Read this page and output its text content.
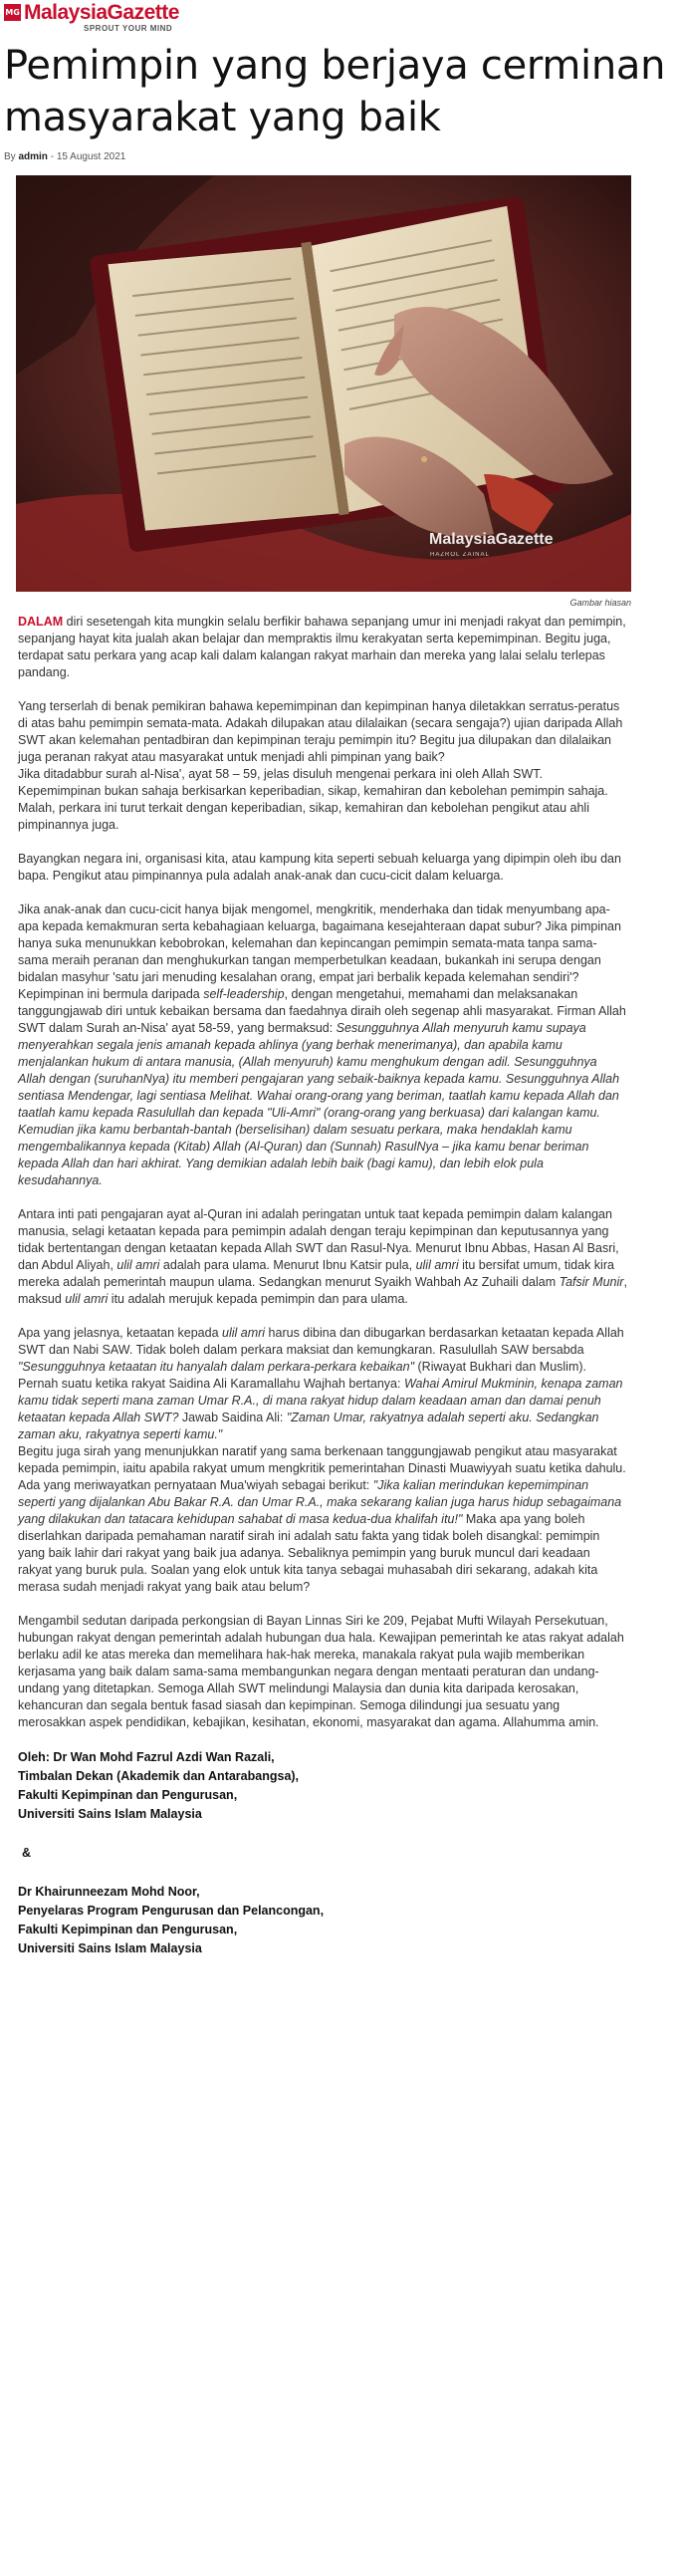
MG MalaysiaGazette
SPROUT YOUR MIND
Pemimpin yang berjaya cerminan masyarakat yang baik
By admin - 15 August 2021
MalaysiaGazette
HAZROL ZAINAL
Gambar hiasan

DALAM diri sesetengah kita mungkin selalu berfikir bahawa sepanjang umur ini menjadi rakyat dan pemimpin, sepanjang hayat kita jualah akan belajar dan mempraktis ilmu kerakyatan serta kepemimpinan. Begitu juga, terdapat satu perkara yang acap kali dalam kalangan rakyat marhain dan mereka yang lalai selalu terlepas pandang.

Yang terserlah di benak pemikiran bahawa kepemimpinan dan kepimpinan hanya diletakkan serratus-peratus di atas bahu pemimpin semata-mata. Adakah dilupakan atau dilalaikan (secara sengaja?) ujian daripada Allah SWT akan kelemahan pentadbiran dan kepimpinan teraju pemimpin itu? Begitu jua dilupakan dan dilalaikan juga peranan rakyat atau masyarakat untuk menjadi ahli pimpinan yang baik?

Jika ditadabbur surah al-Nisa', ayat 58 – 59, jelas disuluh mengenai perkara ini oleh Allah SWT. Kepemimpinan bukan sahaja berkisarkan keperibadian, sikap, kemahiran dan kebolehan pemimpin sahaja. Malah, perkara ini turut terkait dengan keperibadian, sikap, kemahiran dan kebolehan pengikut atau ahli pimpinannya juga.

Bayangkan negara ini, organisasi kita, atau kampung kita seperti sebuah keluarga yang dipimpin oleh ibu dan bapa. Pengikut atau pimpinannya pula adalah anak-anak dan cucu-cicit dalam keluarga.

Jika anak-anak dan cucu-cicit hanya bijak mengomel, mengkritik, menderhaka dan tidak menyumbang apa-apa kepada kemakmuran serta kebahagiaan keluarga, bagaimana kesejahteraan dapat subur? Jika pimpinan hanya suka menunukkan kebobrokan, kelemahan dan kepincangan pemimpin semata-mata tanpa sama-sama meraih peranan dan menghukurkan tangan memperbetulkan keadaan, bukankah ini serupa dengan bidalan masyhur 'satu jari menuding kesalahan orang, empat jari berbalik kepada kelemahan sendiri'?

Kepimpinan ini bermula daripada self-leadership, dengan mengetahui, memahami dan melaksanakan tanggungjawab diri untuk kebaikan bersama dan faedahnya diraih oleh segenap ahli masyarakat. Firman Allah SWT dalam Surah an-Nisa' ayat 58-59, yang bermaksud: Sesungguhnya Allah menyuruh kamu supaya menyerahkan segala jenis amanah kepada ahlinya (yang berhak menerimanya), dan apabila kamu menjalankan hukum di antara manusia, (Allah menyuruh) kamu menghukum dengan adil. Sesungguhnya Allah dengan (suruhanNya) itu memberi pengajaran yang sebaik-baiknya kepada kamu. Sesungguhnya Allah sentiasa Mendengar, lagi sentiasa Melihat. Wahai orang-orang yang beriman, taatlah kamu kepada Allah dan taatlah kamu kepada Rasulullah dan kepada "Uli-Amri" (orang-orang yang berkuasa) dari kalangan kamu. Kemudian jika kamu berbantah-bantah (berselisihan) dalam sesuatu perkara, maka hendaklah kamu mengembalikannya kepada (Kitab) Allah (Al-Quran) dan (Sunnah) RasulNya – jika kamu benar beriman kepada Allah dan hari akhirat. Yang demikian adalah lebih baik (bagi kamu), dan lebih elok pula kesudahannya.

Antara inti pati pengajaran ayat al-Quran ini adalah peringatan untuk taat kepada pemimpin dalam kalangan manusia, selagi ketaatan kepada para pemimpin adalah dengan teraju kepimpinan dan keputusannya yang tidak bertentangan dengan ketaatan kepada Allah SWT dan Rasul-Nya. Menurut Ibnu Abbas, Hasan Al Basri, dan Abdul Aliyah, ulil amri adalah para ulama. Menurut Ibnu Katsir pula, ulil amri itu bersifat umum, tidak kira mereka adalah pemerintah maupun ulama. Sedangkan menurut Syaikh Wahbah Az Zuhaili dalam Tafsir Munir, maksud ulil amri itu adalah merujuk kepada pemimpin dan para ulama.

Apa yang jelasnya, ketaatan kepada ulil amri harus dibina dan dibugarkan berdasarkan ketaatan kepada Allah SWT dan Nabi SAW. Tidak boleh dalam perkara maksiat dan kemungkaran. Rasulullah SAW bersabda "Sesungguhnya ketaatan itu hanyalah dalam perkara-perkara kebaikan" (Riwayat Bukhari dan Muslim). Pernah suatu ketika rakyat Saidina Ali Karamallahu Wajhah bertanya: Wahai Amirul Mukminin, kenapa zaman kamu tidak seperti mana zaman Umar R.A., di mana rakyat hidup dalam keadaan aman dan damai penuh ketaatan kepada Allah SWT? Jawab Saidina Ali: "Zaman Umar, rakyatnya adalah seperti aku. Sedangkan zaman aku, rakyatnya seperti kamu."

Begitu juga sirah yang menunjukkan naratif yang sama berkenaan tanggungjawab pengikut atau masyarakat kepada pemimpin, iaitu apabila rakyat umum mengkritik pemerintahan Dinasti Muawiyyah suatu ketika dahulu. Ada yang meriwayatkan pernyataan Mua'wiyah sebagai berikut: "Jika kalian merindukan kepemimpinan seperti yang dijalankan Abu Bakar R.A. dan Umar R.A., maka sekarang kalian juga harus hidup sebagaimana yang dilakukan dan tatacara kehidupan sahabat di masa kedua-dua khalifah itu!" Maka apa yang boleh diserlahkan daripada pemahaman naratif sirah ini adalah satu fakta yang tidak boleh disangkal: pemimpin yang baik lahir dari rakyat yang baik jua adanya. Sebaliknya pemimpin yang buruk muncul dari keadaan rakyat yang buruk pula. Soalan yang elok untuk kita tanya sebagai muhasabah diri sekarang, adakah kita merasa sudah menjadi rakyat yang baik atau belum?

Mengambil sedutan daripada perkongsian di Bayan Linnas Siri ke 209, Pejabat Mufti Wilayah Persekutuan, hubungan rakyat dengan pemerintah adalah hubungan dua hala. Kewajipan pemerintah ke atas rakyat adalah berlaku adil ke atas mereka dan memelihara hak-hak mereka, manakala rakyat pula wajib memberikan kerjasama yang baik dalam sama-sama membangunkan negara dengan mentaati peraturan dan undang-undang yang ditetapkan. Semoga Allah SWT melindungi Malaysia dan dunia kita daripada kerosakan, kehancuran dan segala bentuk fasad siasah dan kepimpinan. Semoga dilindungi jua sesuatu yang merosakkan aspek pendidikan, kebajikan, kesihatan, ekonomi, masyarakat dan agama. Allahumma amin.

Oleh: Dr Wan Mohd Fazrul Azdi Wan Razali,
Timbalan Dekan (Akademik dan Antarabangsa),
Fakulti Kepimpinan dan Pengurusan,
Universiti Sains Islam Malaysia
&
Dr Khairunneezam Mohd Noor,
Penyelaras Program Pengurusan dan Pelancongan,
Fakulti Kepimpinan dan Pengurusan,
Universiti Sains Islam Malaysia
